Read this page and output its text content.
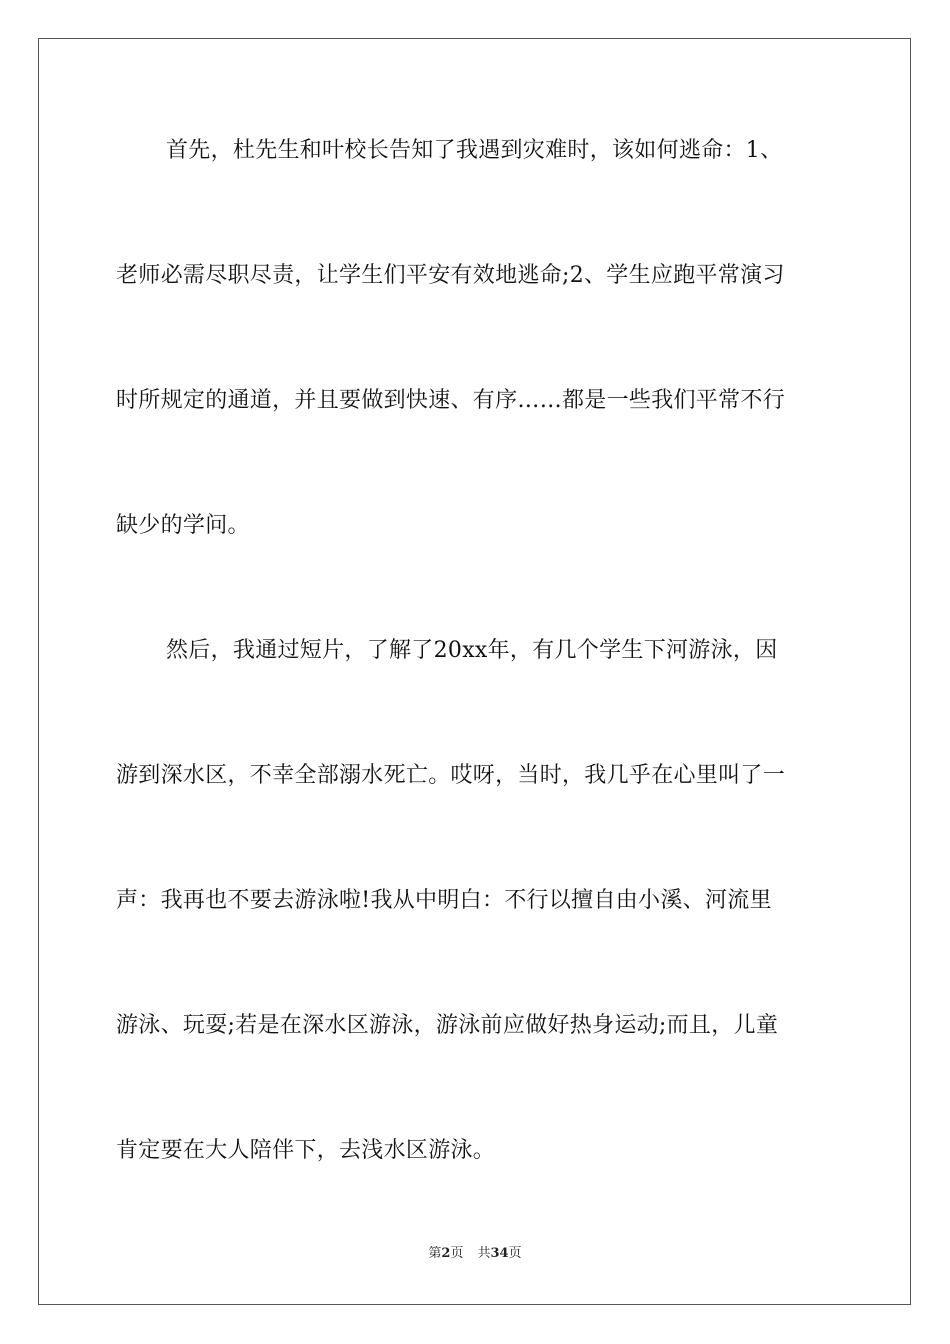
首先，杜先生和叶校长告知了我遇到灾难时，该如何逃命：1、
老师必需尽职尽责，让学生们平安有效地逃命;2、学生应跑平常演习
时所规定的通道，并且要做到快速、有序……都是一些我们平常不行
缺少的学问。
然后，我通过短片，了解了20xx年，有几个学生下河游泳，因
游到深水区，不幸全部溺水死亡。哎呀，当时，我几乎在心里叫了一
声：我再也不要去游泳啦!我从中明白：不行以擅自由小溪、河流里
游泳、玩耍;若是在深水区游泳，游泳前应做好热身运动;而且，儿童
肯定要在大人陪伴下，去浅水区游泳。
第2页 共34页
